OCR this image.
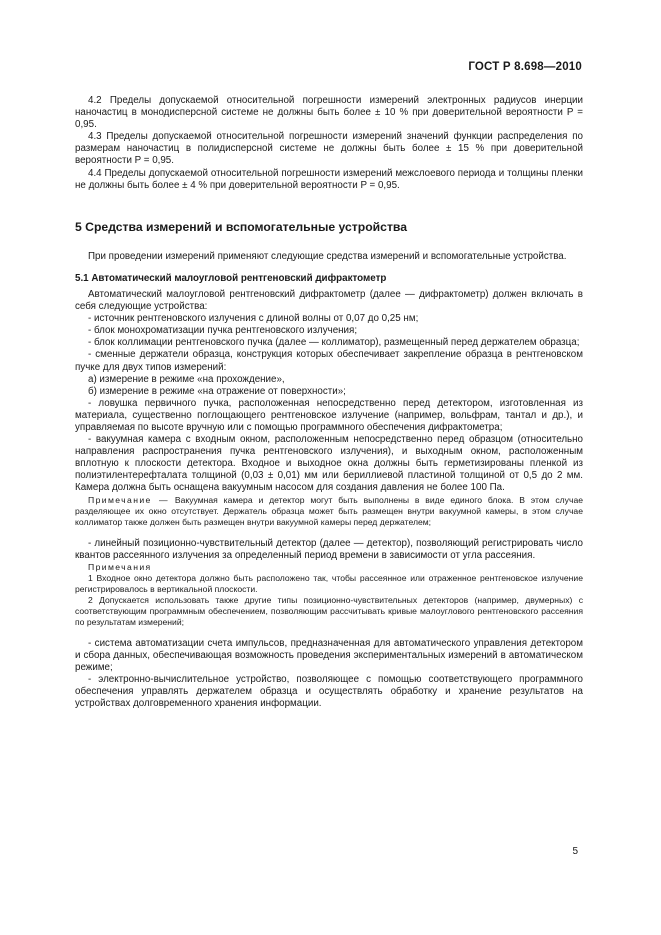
ГОСТ Р 8.698—2010

4.2 Пределы допускаемой относительной погрешности измерений электронных радиусов инерции наночастиц в монодисперсной системе не должны быть более ± 10 % при доверительной вероятности P = 0,95.

4.3 Пределы допускаемой относительной погрешности измерений значений функции распределения по размерам наночастиц в полидисперсной системе не должны быть более ± 15 % при доверительной вероятности P = 0,95.

4.4 Пределы допускаемой относительной погрешности измерений межслоевого периода и толщины пленки не должны быть более ± 4 % при доверительной вероятности P = 0,95.

5 Средства измерений и вспомогательные устройства

При проведении измерений применяют следующие средства измерений и вспомогательные устройства.

5.1 Автоматический малоугловой рентгеновский дифрактометр

Автоматический малоугловой рентгеновский дифрактометр (далее — дифрактометр) должен включать в себя следующие устройства:

- источник рентгеновского излучения с длиной волны от 0,07 до 0,25 нм;

- блок монохроматизации пучка рентгеновского излучения;

- блок коллимации рентгеновского пучка (далее — коллиматор), размещенный перед держателем образца;

- сменные держатели образца, конструкция которых обеспечивает закрепление образца в рентгеновском пучке для двух типов измерений:

а) измерение в режиме «на прохождение»,

б) измерение в режиме «на отражение от поверхности»;

- ловушка первичного пучка, расположенная непосредственно перед детектором, изготовленная из материала, существенно поглощающего рентгеновское излучение (например, вольфрам, тантал и др.), и управляемая по высоте вручную или с помощью программного обеспечения дифрактометра;

- вакуумная камера с входным окном, расположенным непосредственно перед образцом (относительно направления распространения пучка рентгеновского излучения), и выходным окном, расположенным вплотную к плоскости детектора. Входное и выходное окна должны быть герметизированы пленкой из полиэтилентерефталата толщиной (0,03 ± 0,01) мм или бериллиевой пластиной толщиной от 0,5 до 2 мм. Камера должна быть оснащена вакуумным насосом для создания давления не более 100 Па.

Примечание — Вакуумная камера и детектор могут быть выполнены в виде единого блока. В этом случае разделяющее их окно отсутствует. Держатель образца может быть размещен внутри вакуумной камеры, в этом случае коллиматор также должен быть размещен внутри вакуумной камеры перед держателем;

- линейный позиционно-чувствительный детектор (далее — детектор), позволяющий регистрировать число квантов рассеянного излучения за определенный период времени в зависимости от угла рассеяния.

Примечания

1 Входное окно детектора должно быть расположено так, чтобы рассеянное или отраженное рентгеновское излучение регистрировалось в вертикальной плоскости.

2 Допускается использовать также другие типы позиционно-чувствительных детекторов (например, двумерных) с соответствующим программным обеспечением, позволяющим рассчитывать кривые малоуглового рентгеновского рассеяния по результатам измерений;

- система автоматизации счета импульсов, предназначенная для автоматического управления детектором и сбора данных, обеспечивающая возможность проведения экспериментальных измерений в автоматическом режиме;

- электронно-вычислительное устройство, позволяющее с помощью соответствующего программного обеспечения управлять держателем образца и осуществлять обработку и хранение результатов на устройствах долговременного хранения информации.

5
